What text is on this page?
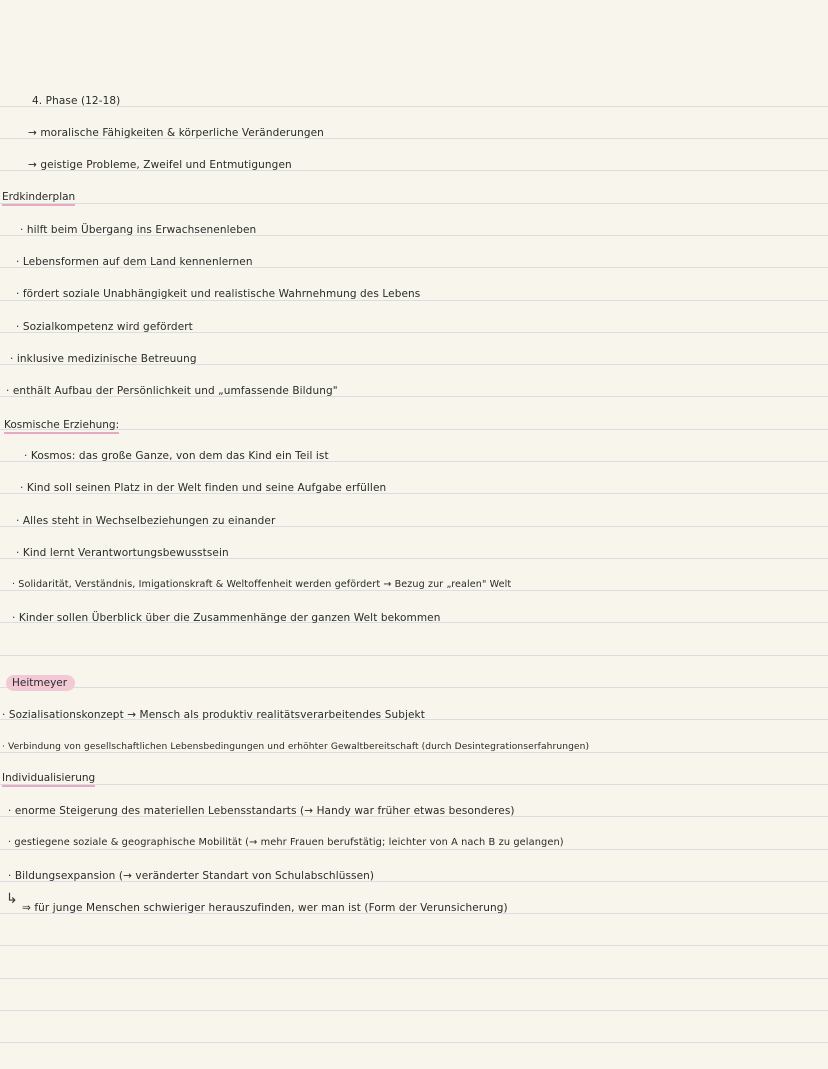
4. Phase (12-18)
→ moralische Fähigkeiten & körperliche Veränderungen
→ geistige Probleme, Zweifel und Entmutigungen
Erdkinderplan
· hilft beim Übergang ins Erwachsenenleben
· Lebensformen auf dem Land kennenlernen
· fördert soziale Unabhängigkeit und realistische Wahrnehmung des Lebens
· Sozialkompetenz wird gefördert
· inklusive medizinische Betreuung
· enthält Aufbau der Persönlichkeit und „umfassende Bildung"
Kosmische Erziehung:
· Kosmos: das große Ganze, von dem das Kind ein Teil ist
· Kind soll seinen Platz in der Welt finden und seine Aufgabe erfüllen
· Alles steht in Wechselbeziehungen zu einander
· Kind lernt Verantwortungsbewusstsein
· Solidarität, Verständnis, Imigationskraft & Weltoffenheit werden gefördert → Bezug zur „realen" Welt
· Kinder sollen Überblick über die Zusammenhänge der ganzen Welt bekommen
Heitmeyer
· Sozialisationskonzept → Mensch als produktiv realitätsverarbeitendes Subjekt
· Verbindung von gesellschaftlichen Lebensbedingungen und erhöhter Gewaltbereitschaft (durch Desintegrationserfahrungen)
Individualisierung
· enorme Steigerung des materiellen Lebensstandarts (→ Handy war früher etwas besonderes)
· gestiegene soziale & geographische Mobilität (→ mehr Frauen berufstätig; leichter von A nach B zu gelangen)
· Bildungsexpansion (→ veränderter Standart von Schulabschlüssen)
↳
⇒ für junge Menschen schwieriger herauszufinden, wer man ist (Form der Verunsicherung)
